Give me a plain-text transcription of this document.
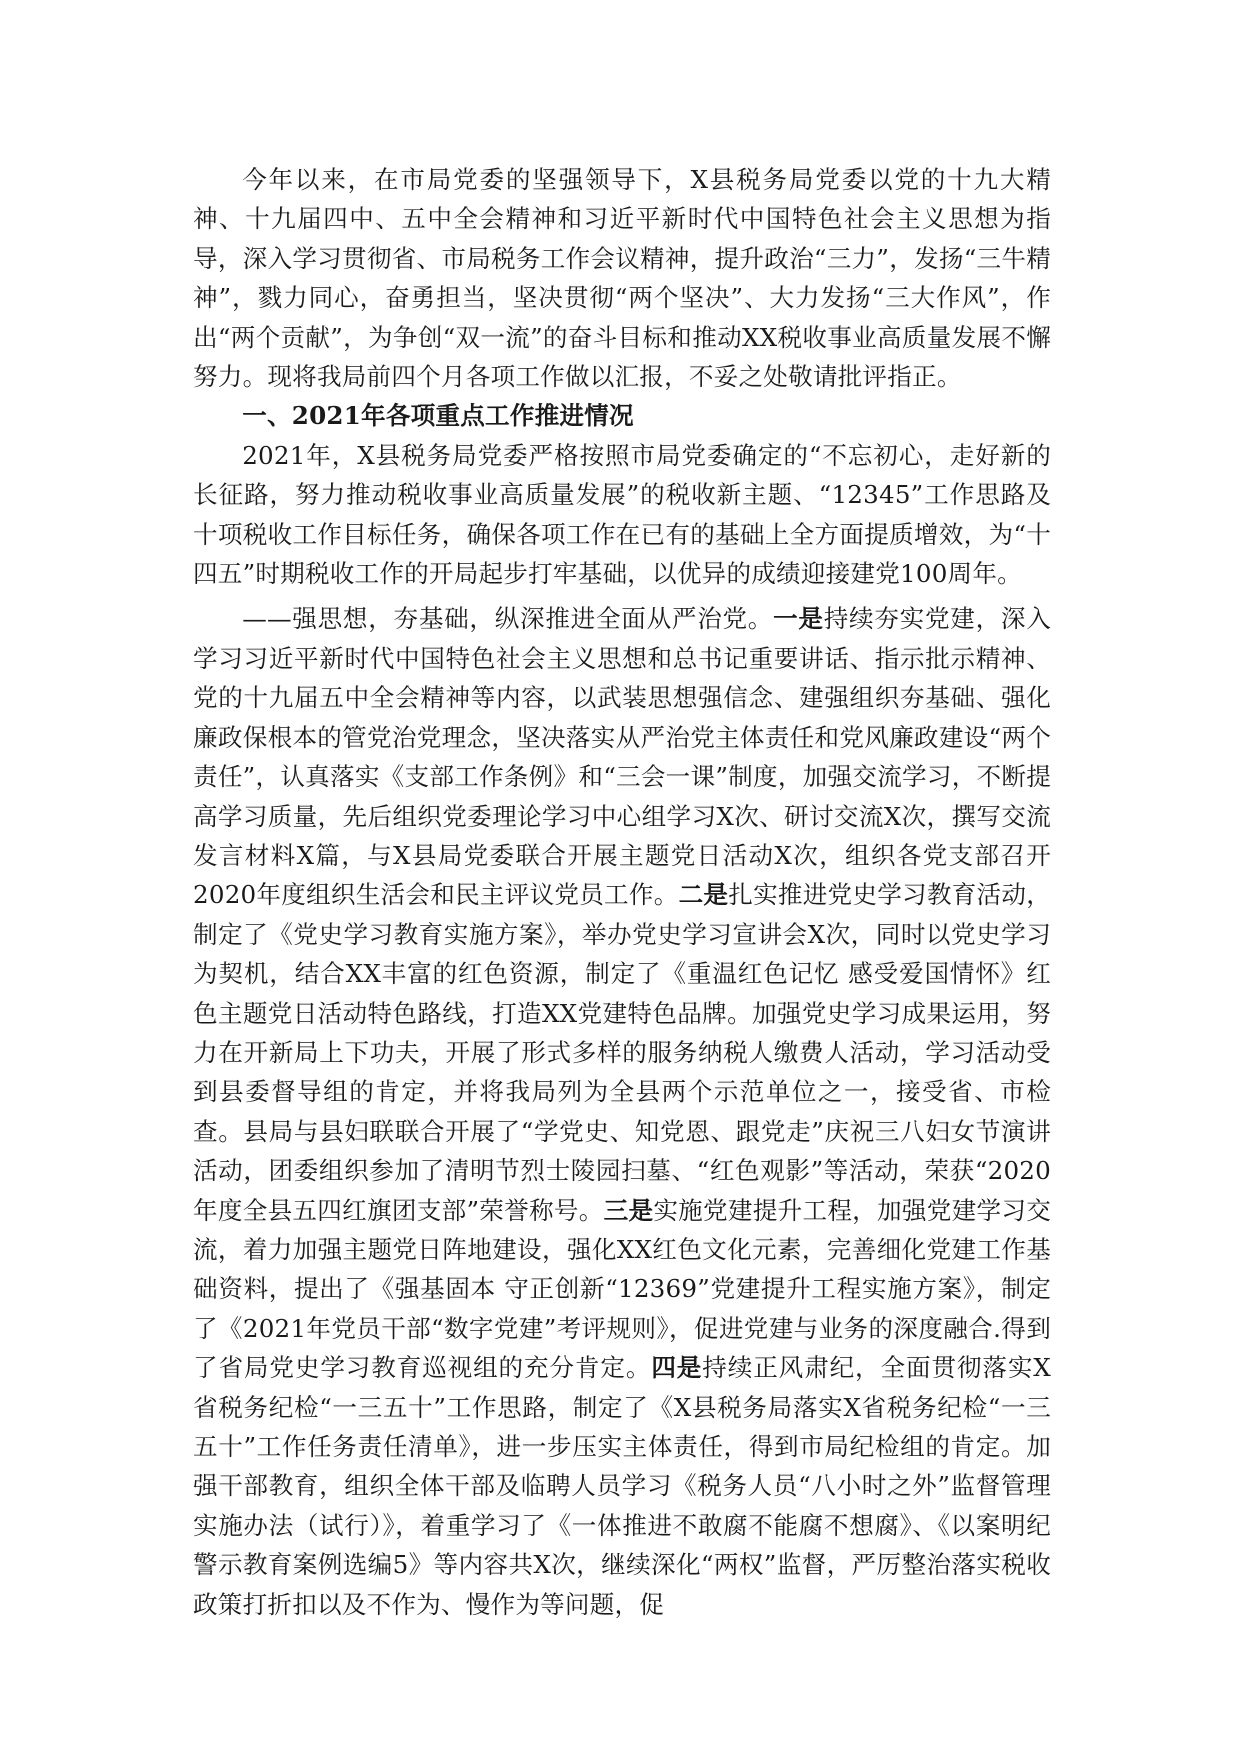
今年以来，在市局党委的坚强领导下，X县税务局党委以党的十九大精神、十九届四中、五中全会精神和习近平新时代中国特色社会主义思想为指导，深入学习贯彻省、市局税务工作会议精神，提升政治“三力”，发扬“三牛精神”，戮力同心，奋勇担当，坚决贯彻“两个坚决”、大力发扬“三大作风”，作出“两个贡献”，为争创“双一流”的奋斗目标和推动XX税收事业高质量发展不懈努力。现将我局前四个月各项工作做以汇报，不妥之处敬请批评指正。

一、2021年各项重点工作推进情况

2021年，X县税务局党委严格按照市局党委确定的“不忘初心，走好新的长征路，努力推动税收事业高质量发展”的税收新主题、“12345”工作思路及十项税收工作目标任务，确保各项工作在已有的基础上全方面提质增效，为“十四五”时期税收工作的开局起步打牢基础，以优异的成绩迎接建党100周年。

——强思想，夯基础，纵深推进全面从严治党。一是持续夯实党建，深入学习习近平新时代中国特色社会主义思想和总书记重要讲话、指示批示精神、党的十九届五中全会精神等内容，以武装思想强信念、建强组织夯基础、强化廉政保根本的管党治党理念，坚决落实从严治党主体责任和党风廉政建设“两个责任”，认真落实《支部工作条例》和“三会一课”制度，加强交流学习，不断提高学习质量，先后组织党委理论学习中心组学习X次、研讨交流X次，撰写交流发言材料X篇，与X县局党委联合开展主题党日活动X次，组织各党支部召开2020年度组织生活会和民主评议党员工作。二是扎实推进党史学习教育活动，制定了《党史学习教育实施方案》，举办党史学习宣讲会X次，同时以党史学习为契机，结合XX丰富的红色资源，制定了《重温红色记忆 感受爱国情怀》红色主题党日活动特色路线，打造XX党建特色品牌。加强党史学习成果运用，努力在开新局上下功夫，开展了形式多样的服务纳税人缴费人活动，学习活动受到县委督导组的肯定，并将我局列为全县两个示范单位之一，接受省、市检查。县局与县妇联联合开展了“学党史、知党恩、跟党走”庆祝三八妇女节演讲活动，团委组织参加了清明节烈士陵园扫墓、“红色观影”等活动，荣获“2020年度全县五四红旗团支部”荣誉称号。三是实施党建提升工程，加强党建学习交流，着力加强主题党日阵地建设，强化XX红色文化元素，完善细化党建工作基础资料，提出了《强基固本 守正创新“12369”党建提升工程实施方案》，制定了《2021年党员干部“数字党建”考评规则》，促进党建与业务的深度融合.得到了省局党史学习教育巡视组的充分肯定。四是持续正风肃纪，全面贯彻落实X省税务纪检“一三五十”工作思路，制定了《X县税务局落实X省税务纪检“一三五十”工作任务责任清单》，进一步压实主体责任，得到市局纪检组的肯定。加强干部教育，组织全体干部及临聘人员学习《税务人员“八小时之外”监督管理实施办法（试行）》，着重学习了《一体推进不敢腐不能腐不想腐》、《以案明纪警示教育案例选编5》等内容共X次，继续深化“两权”监督，严厉整治落实税收政策打折扣以及不作为、慢作为等问题，促
